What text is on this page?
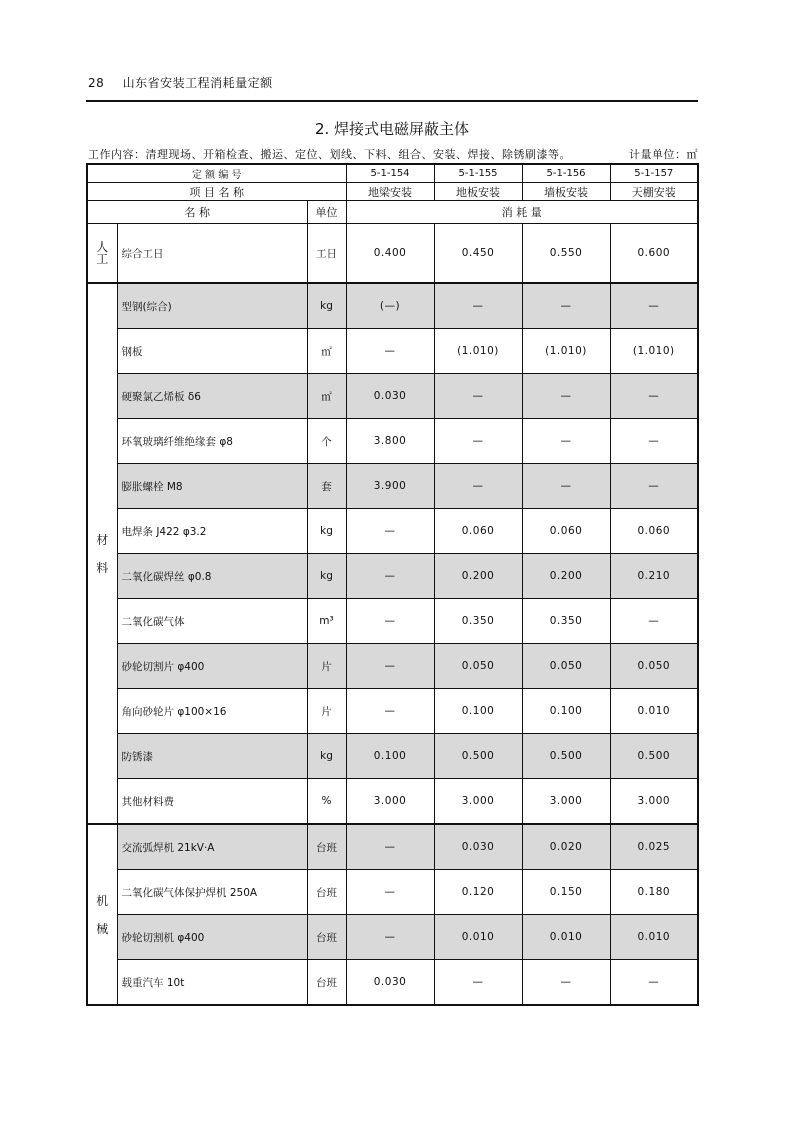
28 山东省安装工程消耗量定额
2. 焊接式电磁屏蔽主体
工作内容：清理现场、开箱检查、搬运、定位、划线、下料、组合、安装、焊接、除锈刷漆等。	计量单位：㎡
定 额 编 号			5-1-154	5-1-155	5-1-156	5-1-157
项 目 名 称			地梁安装	地板安装	墙板安装	天棚安装
名 称		单位	消 耗 量			

人
工	综合工日	工日	0.400	0.450	0.550	0.600

材	型钢(综合)	kg	(—)	—	—	—
	钢板	㎡	—	(1.010)	(1.010)	(1.010)
	硬聚氯乙烯板 δ6	㎡	0.030	—	—	—
	环氧玻璃纤维绝缘套 φ8	个	3.800	—	—	—
	膨胀螺栓 M8	套	3.900	—	—	—
	电焊条 J422 φ3.2	kg	—	0.060	0.060	0.060

料	二氧化碳焊丝 φ0.8	kg	—	0.200	0.200	0.210
	二氧化碳气体	m³	—	0.350	0.350	—
	砂轮切割片 φ400	片	—	0.050	0.050	0.050
	角向砂轮片 φ100×16	片	—	0.100	0.100	0.010
	防锈漆	kg	0.100	0.500	0.500	0.500
	其他材料费	%	3.000	3.000	3.000	3.000

机	交流弧焊机 21kV·A	台班	—	0.030	0.020	0.025
	二氧化碳气体保护焊机 250A	台班	—	0.120	0.150	0.180

械	砂轮切割机 φ400	台班	—	0.010	0.010	0.010
	载重汽车 10t	台班	0.030	—	—	—
